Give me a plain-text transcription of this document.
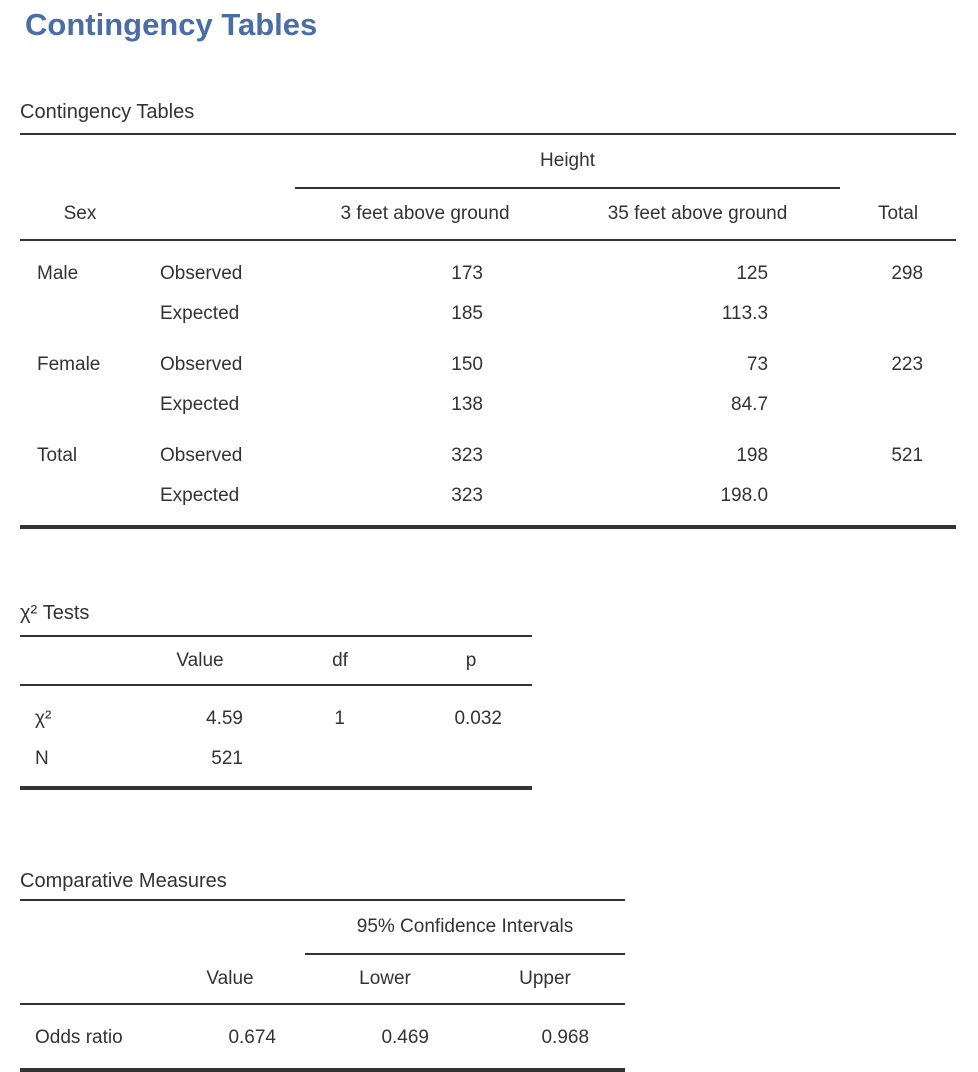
Contingency Tables
Contingency Tables
		Height		
Sex		3 feet above ground	35 feet above ground	Total
Male	Observed	173	125	298
	Expected	185	113.3	
Female	Observed	150	73	223
	Expected	138	84.7	
Total	Observed	323	198	521
	Expected	323	198.0	
χ² Tests
	Value	df	p
χ²	4.59	1	0.032
N	521		
Comparative Measures
		95% Confidence Intervals	
	Value	Lower	Upper
Odds ratio	0.674	0.469	0.968
